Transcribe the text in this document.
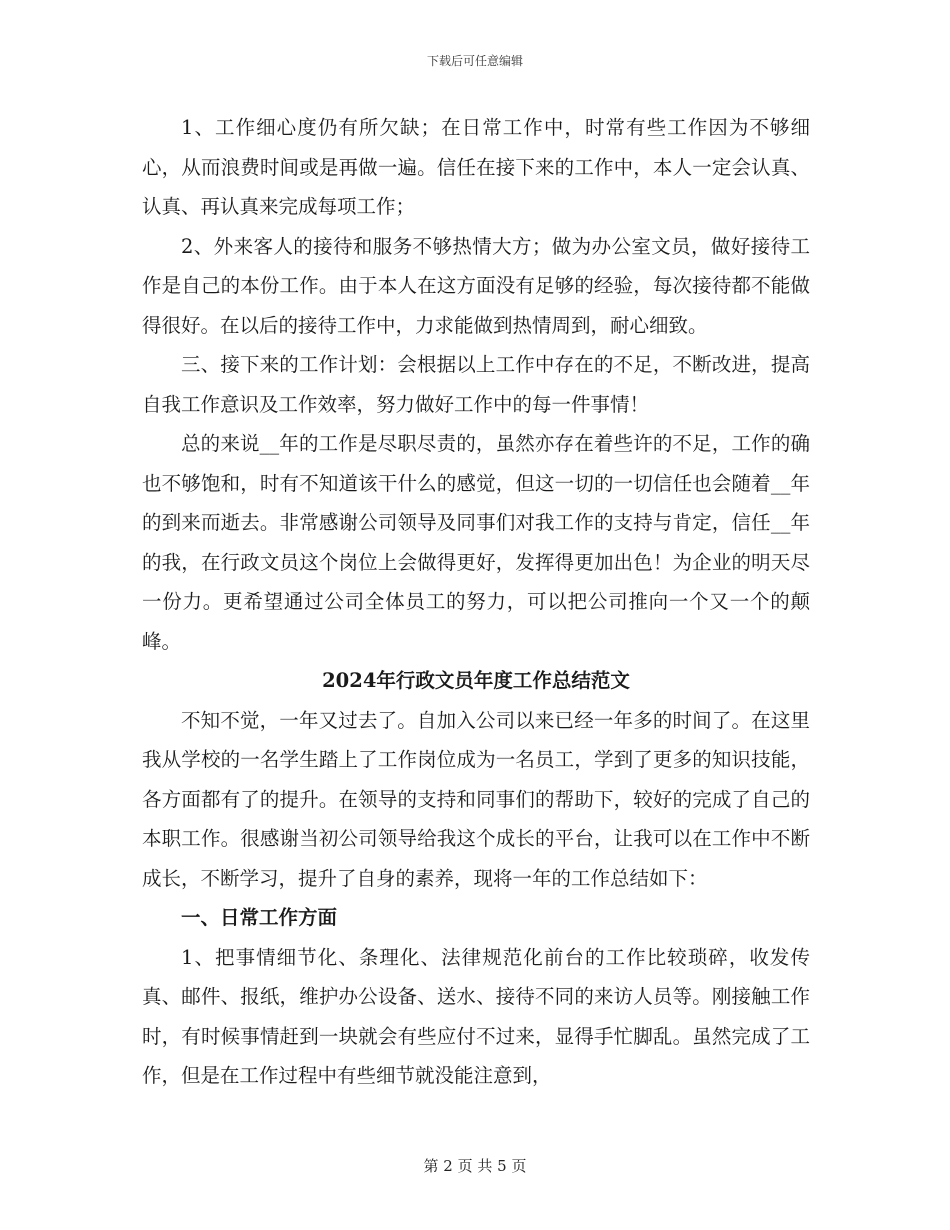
下载后可任意编辑

1、工作细心度仍有所欠缺；在日常工作中，时常有些工作因为不够细心，从而浪费时间或是再做一遍。信任在接下来的工作中，本人一定会认真、认真、再认真来完成每项工作；

2、外来客人的接待和服务不够热情大方；做为办公室文员，做好接待工作是自己的本份工作。由于本人在这方面没有足够的经验，每次接待都不能做得很好。在以后的接待工作中，力求能做到热情周到，耐心细致。

三、接下来的工作计划：会根据以上工作中存在的不足，不断改进，提高自我工作意识及工作效率，努力做好工作中的每一件事情！

总的来说__年的工作是尽职尽责的，虽然亦存在着些许的不足，工作的确也不够饱和，时有不知道该干什么的感觉，但这一切的一切信任也会随着__年的到来而逝去。非常感谢公司领导及同事们对我工作的支持与肯定，信任__年的我，在行政文员这个岗位上会做得更好，发挥得更加出色！为企业的明天尽一份力。更希望通过公司全体员工的努力，可以把公司推向一个又一个的颠峰。

2024年行政文员年度工作总结范文

不知不觉，一年又过去了。自加入公司以来已经一年多的时间了。在这里我从学校的一名学生踏上了工作岗位成为一名员工，学到了更多的知识技能，各方面都有了的提升。在领导的支持和同事们的帮助下，较好的完成了自己的本职工作。很感谢当初公司领导给我这个成长的平台，让我可以在工作中不断成长，不断学习，提升了自身的素养，现将一年的工作总结如下：

一、日常工作方面

1、把事情细节化、条理化、法律规范化前台的工作比较琐碎，收发传真、邮件、报纸，维护办公设备、送水、接待不同的来访人员等。刚接触工作时，有时候事情赶到一块就会有些应付不过来，显得手忙脚乱。虽然完成了工作，但是在工作过程中有些细节就没能注意到，

第 2 页 共 5 页
